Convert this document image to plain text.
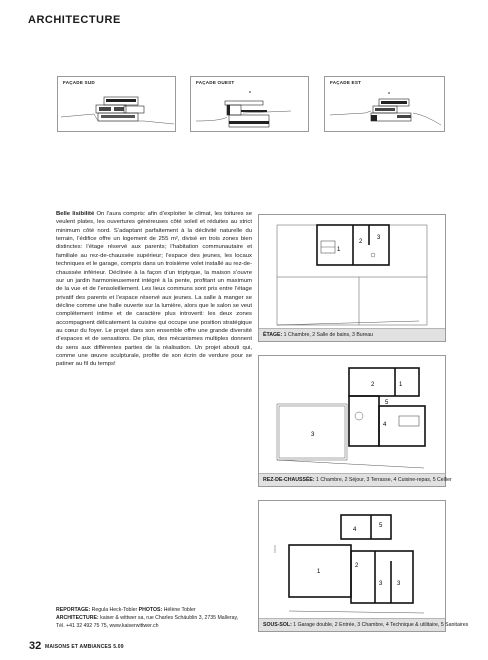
ARCHITECTURE
FAÇADE SUD	FAÇADE OUEST	FAÇADE EST
Belle lisibilité On l’aura compris: afin d’exploiter le climat, les toitures se veulent plates, les ouvertures généreuses côté soleil et réduites au strict minimum côté nord. S’adaptant parfaitement à la déclivité naturelle du terrain, l’édifice offre un logement de 255 m², divisé en trois zones bien distinctes: l’étage réservé aux parents; l’habitation communautaire et familiale au rez-de-chaussée supérieur; l’espace des jeunes, les locaux techniques et le garage, compris dans un troisième volet installé au rez-de-chaussée inférieur. Déclinée à la façon d’un triptyque, la maison s’ouvre sur un jardin harmonieusement intégré à la pente, profitant un maximum de la vue et de l’ensoleillement. Les lieux communs sont pris entre l’étage privatif des parents et l’espace réservé aux jeunes. La salle à manger se décline comme une halle ouverte sur la lumière, alors que le salon se veut complètement intime et de caractère plus introverti: les deux zones accompagnent délicatement la cuisine qui occupe une position stratégique au cœur du foyer. Le projet dans son ensemble offre une grande diversité d’espaces et de sensations. De plus, des mécanismes multiples donnent du sens aux différentes parties de la réalisation. Un projet abouti qui, comme une œuvre sculpturale, profite de son écrin de verdure pour se patiner au fil du temps!
1
2
3
ÉTAGE: 1 Chambre, 2 Salle de bains, 3 Bureau
1
2
3
4
5
REZ-DE-CHAUSSÉE: 1 Chambre, 2 Séjour, 3 Terrasse, 4 Cuisine-repas, 5 Cellier
1
2
3 3
4
5
SOUS-SOL: 1 Garage double, 2 Entrée, 3 Chambre, 4 Technique & utilitaire, 5 Sanitaires
REPORTAGE: Regula Heck-Tobler PHOTOS: Hélène Tobler
ARCHITECTURE: kaiser & wittwer sa, rue Charles Schäublin 3, 2735 Malleray,
Tél. +41 32 492 75 75, www.kaiserwittwer.ch
32 MAISONS ET AMBIANCES 5.09
